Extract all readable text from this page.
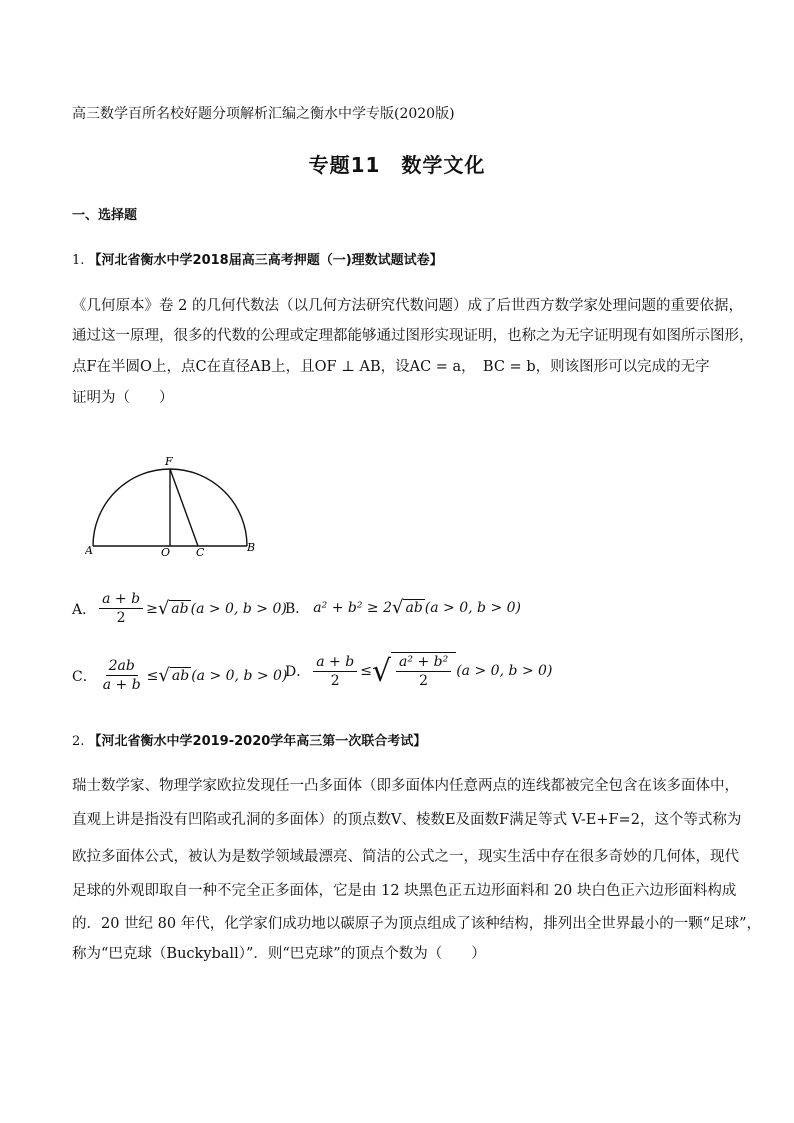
高三数学百所名校好题分项解析汇编之衡水中学专版(2020版)
专题11　数学文化
一、选择题
1. 【河北省衡水中学2018届高三高考押题（一)理数试题试卷】
《几何原本》卷 2 的几何代数法（以几何方法研究代数问题）成了后世西方数学家处理问题的重要依据，
通过这一原理，很多的代数的公理或定理都能够通过图形实现证明，也称之为无字证明现有如图所示图形，
点F在半圆O上，点C在直径AB上，且OF ⊥ AB，设AC = a，　BC = b，则该图形可以完成的无字
证明为（　　）
F
A	O C	B
A． $\frac{a + b}{2}$ ≥ √ ab (a > 0, b > 0)
B． a² + b² ≥ 2 √ ab (a > 0, b > 0)
C． $\frac{2ab}{a + b}$ ≤ √ ab (a > 0, b > 0)
D． $\frac{a + b}{2}$ ≤ √ $\frac{\text{a² + b²}}{2} (a > 0$, b > 0)
2. 【河北省衡水中学2019-2020学年高三第一次联合考试】
瑞士数学家、物理学家欧拉发现任一凸多面体（即多面体内任意两点的连线都被完全包含在该多面体中，
直观上讲是指没有凹陷或孔洞的多面体）的顶点数V、棱数E及面数F满足等式 V-E+F=2，这个等式称为
欧拉多面体公式，被认为是数学领域最漂亮、简洁的公式之一，现实生活中存在很多奇妙的几何体，现代
足球的外观即取自一种不完全正多面体，它是由 12 块黑色正五边形面料和 20 块白色正六边形面料构成
的．20 世纪 80 年代，化学家们成功地以碳原子为顶点组成了该种结构，排列出全世界最小的一颗“足球”，
称为“巴克球（Buckyball）”．则“巴克球”的顶点个数为（　　）
